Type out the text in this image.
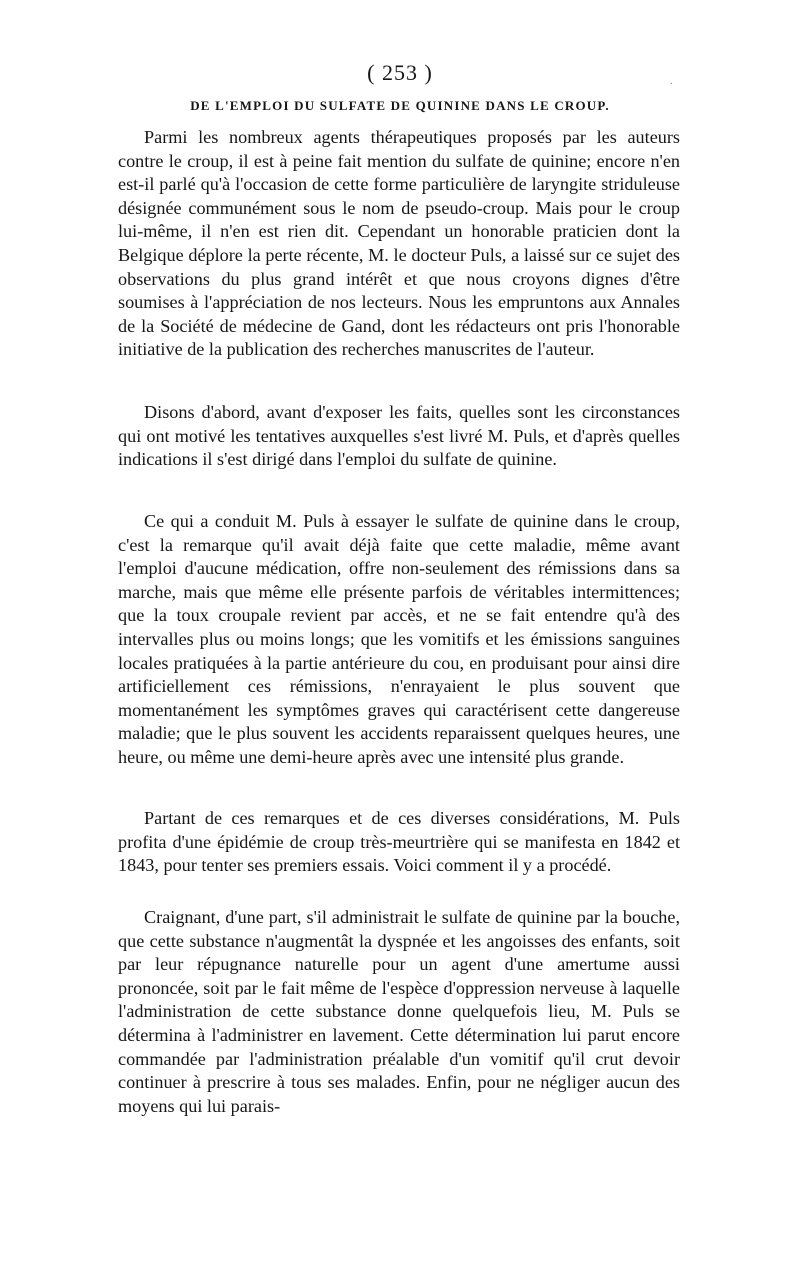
( 253 )	.
DE L'EMPLOI DU SULFATE DE QUININE DANS LE CROUP.

Parmi les nombreux agents thérapeutiques proposés par les auteurs contre le croup, il est à peine fait mention du sulfate de quinine; encore n'en est-il parlé qu'à l'occasion de cette forme particulière de laryngite striduleuse désignée communément sous le nom de pseudo-croup. Mais pour le croup lui-même, il n'en est rien dit. Cependant un honorable praticien dont la Belgique déplore la perte récente, M. le docteur Puls, a laissé sur ce sujet des observations du plus grand intérêt et que nous croyons dignes d'être soumises à l'appréciation de nos lecteurs. Nous les empruntons aux Annales de la Société de médecine de Gand, dont les rédacteurs ont pris l'honorable initiative de la publication des recherches manuscrites de l'auteur.

Disons d'abord, avant d'exposer les faits, quelles sont les circonstances qui ont motivé les tentatives auxquelles s'est livré M. Puls, et d'après quelles indications il s'est dirigé dans l'emploi du sulfate de quinine.

Ce qui a conduit M. Puls à essayer le sulfate de quinine dans le croup, c'est la remarque qu'il avait déjà faite que cette maladie, même avant l'emploi d'aucune médication, offre non-seulement des rémissions dans sa marche, mais que même elle présente parfois de véritables intermittences; que la toux croupale revient par accès, et ne se fait entendre qu'à des intervalles plus ou moins longs; que les vomitifs et les émissions sanguines locales pratiquées à la partie antérieure du cou, en produisant pour ainsi dire artificiellement ces rémissions, n'enrayaient le plus souvent que momentanément les symptômes graves qui caractérisent cette dangereuse maladie; que le plus souvent les accidents reparaissent quelques heures, une heure, ou même une demi-heure après avec une intensité plus grande.

Partant de ces remarques et de ces diverses considérations, M. Puls profita d'une épidémie de croup très-meurtrière qui se manifesta en 1842 et 1843, pour tenter ses premiers essais. Voici comment il y a procédé.

Craignant, d'une part, s'il administrait le sulfate de quinine par la bouche, que cette substance n'augmentât la dyspnée et les angoisses des enfants, soit par leur répugnance naturelle pour un agent d'une amertume aussi prononcée, soit par le fait même de l'espèce d'oppression nerveuse à laquelle l'administration de cette substance donne quelquefois lieu, M. Puls se détermina à l'administrer en lavement. Cette détermination lui parut encore commandée par l'administration préalable d'un vomitif qu'il crut devoir continuer à prescrire à tous ses malades. Enfin, pour ne négliger aucun des moyens qui lui parais-
